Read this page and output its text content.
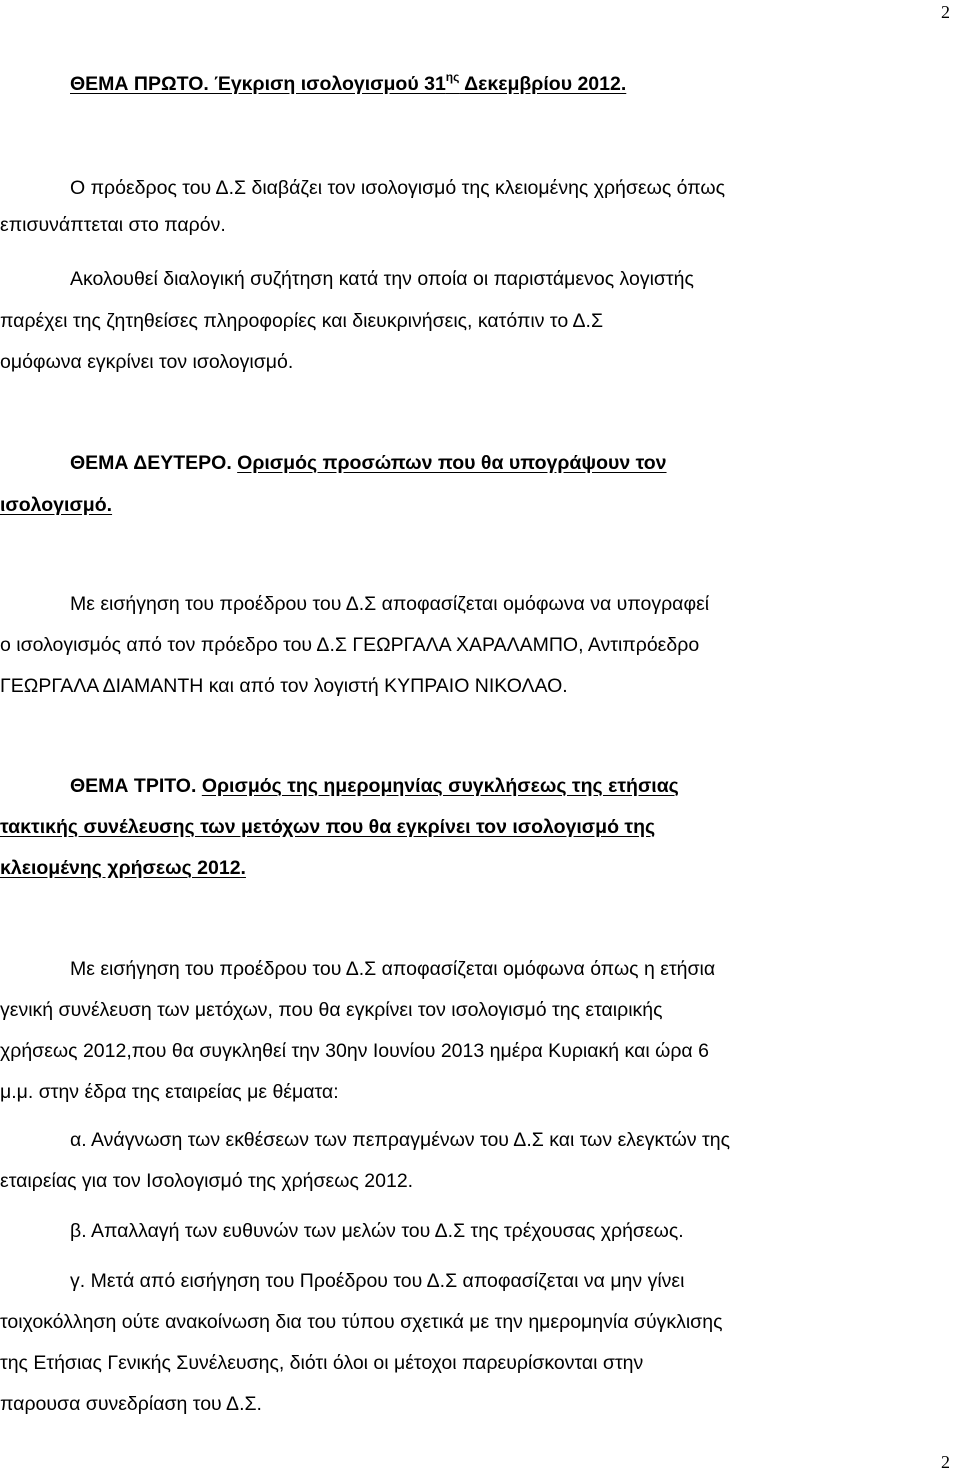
2
ΘΕΜΑ ΠΡΩΤΟ. Έγκριση ισολογισμού $31^{\eta\varsigma}$ Δεκεμβρίου 2012.
Ο πρόεδρος του Δ.Σ διαβάζει τον ισολογισμό της κλειομένης χρήσεως όπως
επισυνάπτεται στο παρόν.
Ακολουθεί διαλογική συζήτηση κατά την οποία οι παριστάμενος λογιστής
παρέχει της ζητηθείσες πληροφορίες και διευκρινήσεις, κατόπιν το Δ.Σ
ομόφωνα εγκρίνει τον ισολογισμό.
ΘΕΜΑ ΔΕΥΤΕΡΟ. Ορισμός προσώπων που θα υπογράψουν τον
ισολογισμό.
Με εισήγηση του προέδρου του Δ.Σ αποφασίζεται ομόφωνα να υπογραφεί
ο ισολογισμός από τον πρόεδρο του Δ.Σ ΓΕΩΡΓΑΛΑ ΧΑΡΑΛΑΜΠΟ, Αντιπρόεδρο
ΓΕΩΡΓΑΛΑ ΔΙΑΜΑΝΤΗ και από τον λογιστή ΚΥΠΡΑΙΟ ΝΙΚΟΛΑΟ.
ΘΕΜΑ ΤΡΙΤΟ. Ορισμός της ημερομηνίας συγκλήσεως της ετήσιας
τακτικής συνέλευσης των μετόχων που θα εγκρίνει τον ισολογισμό της
κλειομένης χρήσεως 2012.
Με εισήγηση του προέδρου του Δ.Σ αποφασίζεται ομόφωνα όπως η ετήσια
γενική συνέλευση των μετόχων, που θα εγκρίνει τον ισολογισμό της εταιρικής
χρήσεως 2012,που θα συγκληθεί την 30ην Ιουνίου 2013 ημέρα Κυριακή και ώρα 6
μ.μ. στην έδρα της εταιρείας με θέματα:
α. Ανάγνωση των εκθέσεων των πεπραγμένων του Δ.Σ και των ελεγκτών της
εταιρείας για τον Ισολογισμό της χρήσεως 2012.
β. Απαλλαγή των ευθυνών των μελών του Δ.Σ της τρέχουσας χρήσεως.
γ. Μετά από εισήγηση του Προέδρου του Δ.Σ αποφασίζεται να μην γίνει
τοιχοκόλληση ούτε ανακοίνωση δια του τύπου σχετικά με την ημερομηνία σύγκλισης
της Ετήσιας Γενικής Συνέλευσης, διότι όλοι οι μέτοχοι παρευρίσκονται στην
παρουσα συνεδρίαση του Δ.Σ.
2
